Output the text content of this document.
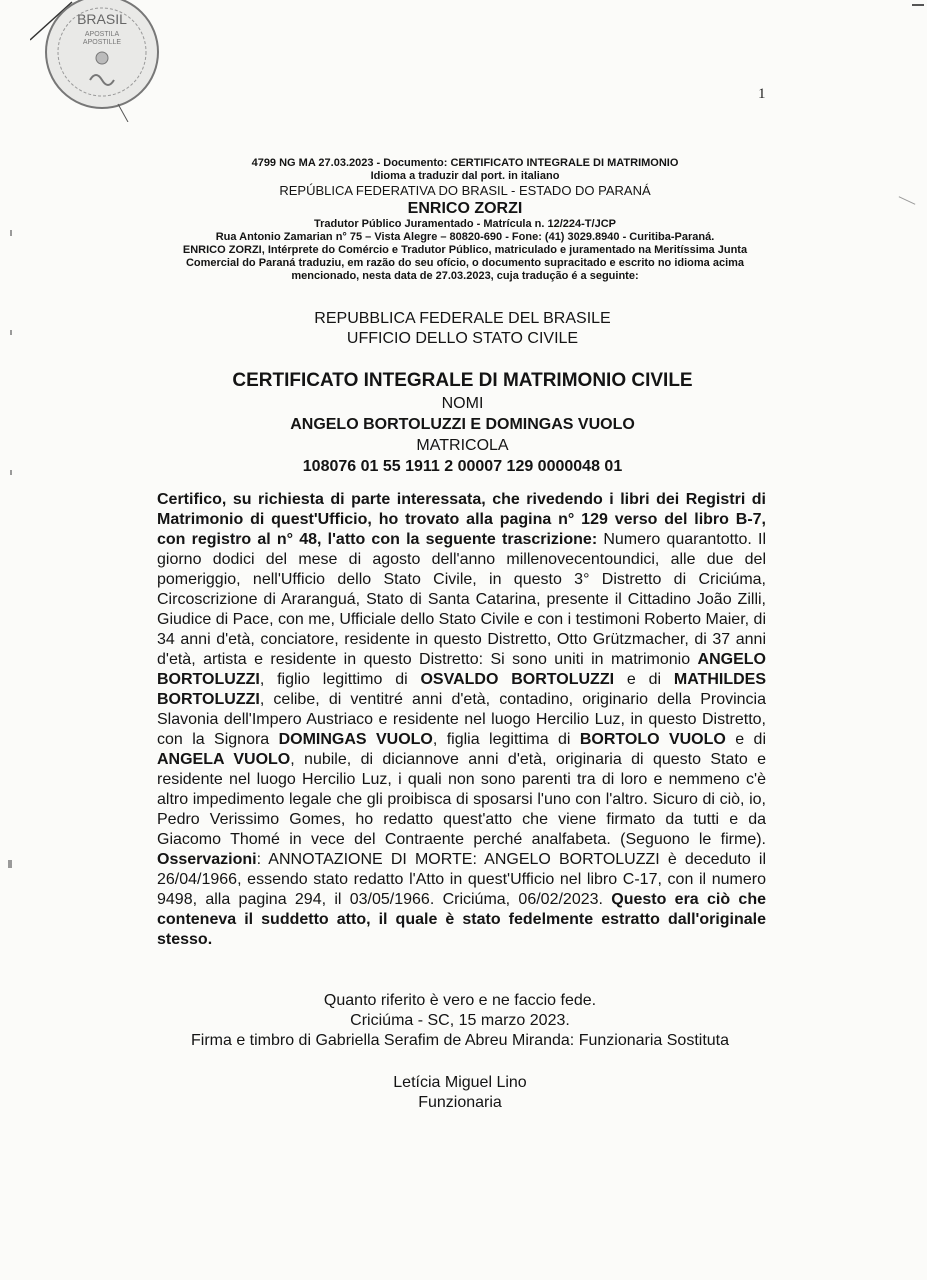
BRASIL
APOSTILA
APOSTILLE
1
4799 NG MA 27.03.2023 - Documento: CERTIFICATO INTEGRALE DI MATRIMONIO
Idioma a traduzir dal port. in italiano
REPÚBLICA FEDERATIVA DO BRASIL - ESTADO DO PARANÁ
ENRICO ZORZI
Tradutor Público Juramentado - Matrícula n. 12/224-T/JCP
Rua Antonio Zamarian n° 75 – Vista Alegre – 80820-690 - Fone: (41) 3029.8940 - Curitiba-Paraná.
ENRICO ZORZI, Intérprete do Comércio e Tradutor Público, matriculado e juramentado na Meritíssima Junta
Comercial do Paraná traduziu, em razão do seu ofício, o documento supracitado e escrito no idioma acima
mencionado, nesta data de 27.03.2023, cuja tradução é a seguinte:
REPUBBLICA FEDERALE DEL BRASILE
UFFICIO DELLO STATO CIVILE
CERTIFICATO INTEGRALE DI MATRIMONIO CIVILE
NOMI
ANGELO BORTOLUZZI E DOMINGAS VUOLO
MATRICOLA
108076 01 55 1911 2 00007 129 0000048 01
Certifico, su richiesta di parte interessata, che rivedendo i libri dei Registri di Matrimonio di quest'Ufficio, ho trovato alla pagina n° 129 verso del libro B-7, con registro al n° 48, l'atto con la seguente trascrizione: Numero quarantotto. Il giorno dodici del mese di agosto dell'anno millenovecentoundici, alle due del pomeriggio, nell'Ufficio dello Stato Civile, in questo 3° Distretto di Criciúma, Circoscrizione di Araranguá, Stato di Santa Catarina, presente il Cittadino João Zilli, Giudice di Pace, con me, Ufficiale dello Stato Civile e con i testimoni Roberto Maier, di 34 anni d'età, conciatore, residente in questo Distretto, Otto Grützmacher, di 37 anni d'età, artista e residente in questo Distretto: Si sono uniti in matrimonio ANGELO BORTOLUZZI, figlio legittimo di OSVALDO BORTOLUZZI e di MATHILDES BORTOLUZZI, celibe, di ventitré anni d'età, contadino, originario della Provincia Slavonia dell'Impero Austriaco e residente nel luogo Hercilio Luz, in questo Distretto, con la Signora DOMINGAS VUOLO, figlia legittima di BORTOLO VUOLO e di ANGELA VUOLO, nubile, di diciannove anni d'età, originaria di questo Stato e residente nel luogo Hercilio Luz, i quali non sono parenti tra di loro e nemmeno c'è altro impedimento legale che gli proibisca di sposarsi l'uno con l'altro. Sicuro di ciò, io, Pedro Verissimo Gomes, ho redatto quest'atto che viene firmato da tutti e da Giacomo Thomé in vece del Contraente perché analfabeta. (Seguono le firme). Osservazioni: ANNOTAZIONE DI MORTE: ANGELO BORTOLUZZI è deceduto il 26/04/1966, essendo stato redatto l'Atto in quest'Ufficio nel libro C-17, con il numero 9498, alla pagina 294, il 03/05/1966. Criciúma, 06/02/2023. Questo era ciò che conteneva il suddetto atto, il quale è stato fedelmente estratto dall'originale stesso.
Quanto riferito è vero e ne faccio fede.
Criciúma - SC, 15 marzo 2023.
Firma e timbro di Gabriella Serafim de Abreu Miranda: Funzionaria Sostituta
Letícia Miguel Lino
Funzionaria
